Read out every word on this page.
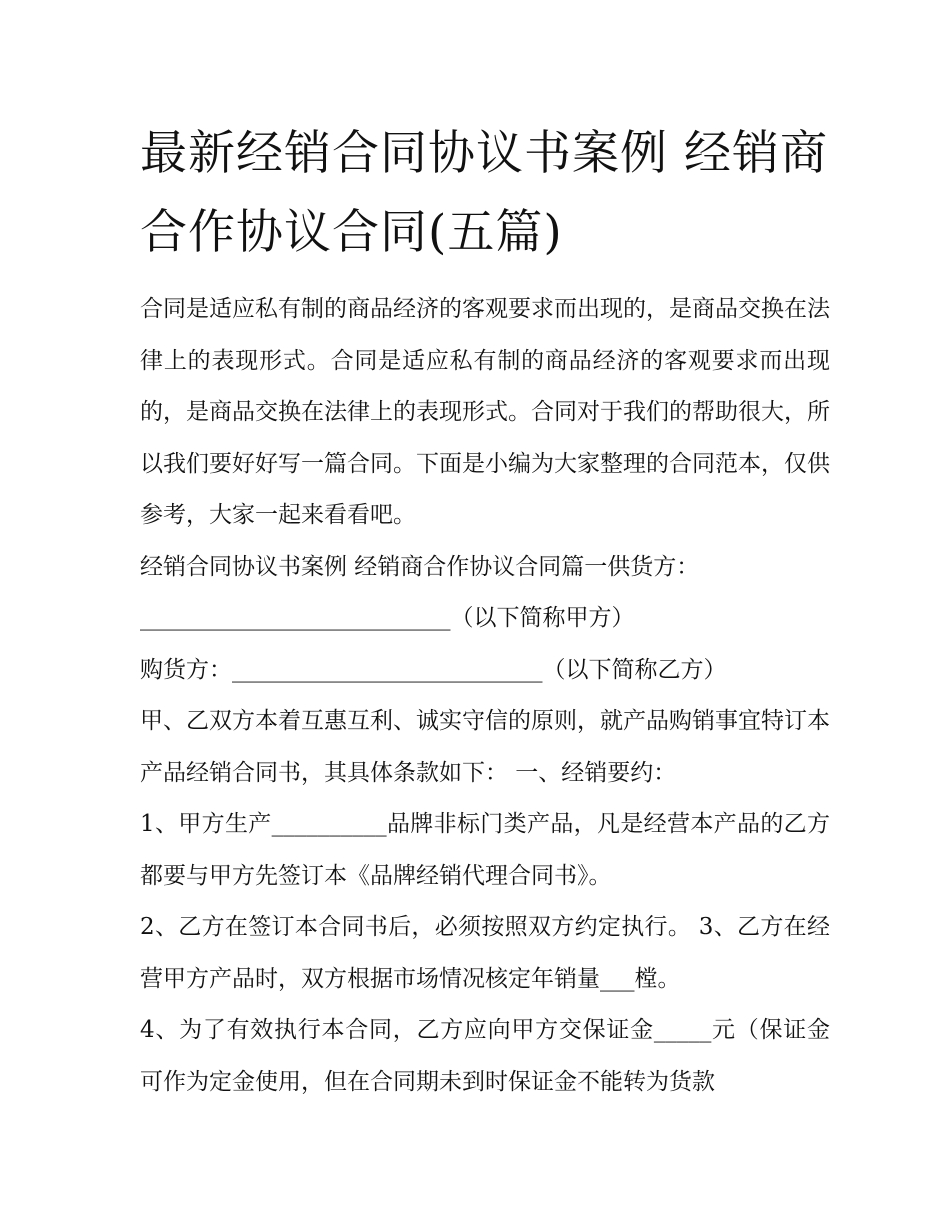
最新经销合同协议书案例 经销商合作协议合同(五篇)

合同是适应私有制的商品经济的客观要求而出现的，是商品交换在法律上的表现形式。合同是适应私有制的商品经济的客观要求而出现的，是商品交换在法律上的表现形式。合同对于我们的帮助很大，所以我们要好好写一篇合同。下面是小编为大家整理的合同范本，仅供参考，大家一起来看看吧。

经销合同协议书案例 经销商合作协议合同篇一供货方：

___________________________（以下简称甲方）

购货方：___________________________（以下简称乙方）

甲、乙双方本着互惠互利、诚实守信的原则，就产品购销事宜特订本产品经销合同书，其具体条款如下： 一、经销要约：

1、甲方生产__________品牌非标门类产品，凡是经营本产品的乙方都要与甲方先签订本《品牌经销代理合同书》。

2、乙方在签订本合同书后，必须按照双方约定执行。 3、乙方在经营甲方产品时，双方根据市场情况核定年销量___樘。

4、为了有效执行本合同，乙方应向甲方交保证金_____元（保证金可作为定金使用，但在合同期未到时保证金不能转为货款
